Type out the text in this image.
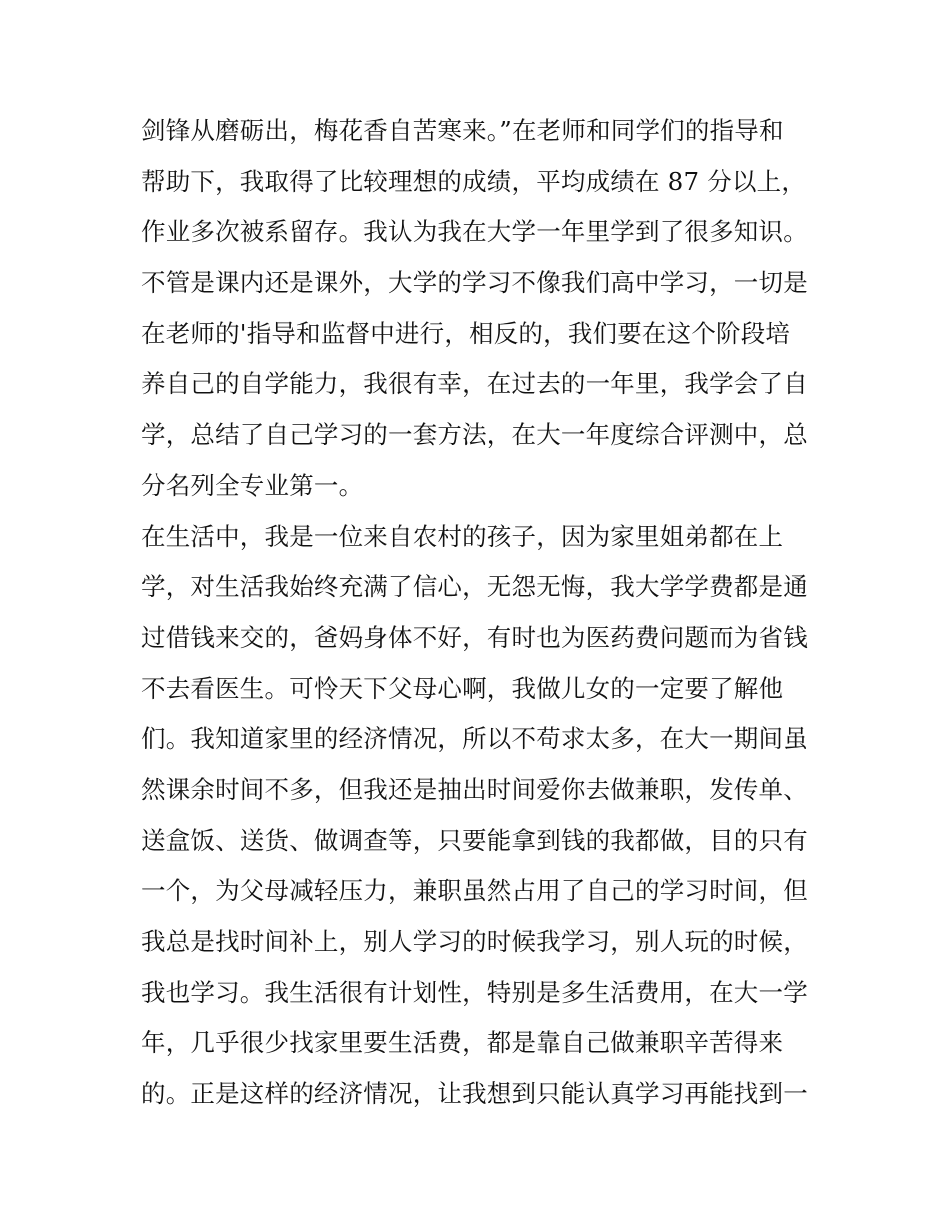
剑锋从磨砺出，梅花香自苦寒来。”在老师和同学们的指导和
帮助下，我取得了比较理想的成绩，平均成绩在 87 分以上，
作业多次被系留存。我认为我在大学一年里学到了很多知识。
不管是课内还是课外，大学的学习不像我们高中学习，一切是
在老师的'指导和监督中进行，相反的，我们要在这个阶段培
养自己的自学能力，我很有幸，在过去的一年里，我学会了自
学，总结了自己学习的一套方法，在大一年度综合评测中，总
分名列全专业第一。
在生活中，我是一位来自农村的孩子，因为家里姐弟都在上
学，对生活我始终充满了信心，无怨无悔，我大学学费都是通
过借钱来交的，爸妈身体不好，有时也为医药费问题而为省钱
不去看医生。可怜天下父母心啊，我做儿女的一定要了解他
们。我知道家里的经济情况，所以不苟求太多，在大一期间虽
然课余时间不多，但我还是抽出时间爱你去做兼职，发传单、
送盒饭、送货、做调查等，只要能拿到钱的我都做，目的只有
一个，为父母减轻压力，兼职虽然占用了自己的学习时间，但
我总是找时间补上，别人学习的时候我学习，别人玩的时候，
我也学习。我生活很有计划性，特别是多生活费用，在大一学
年，几乎很少找家里要生活费，都是靠自己做兼职辛苦得来
的。正是这样的经济情况，让我想到只能认真学习再能找到一
